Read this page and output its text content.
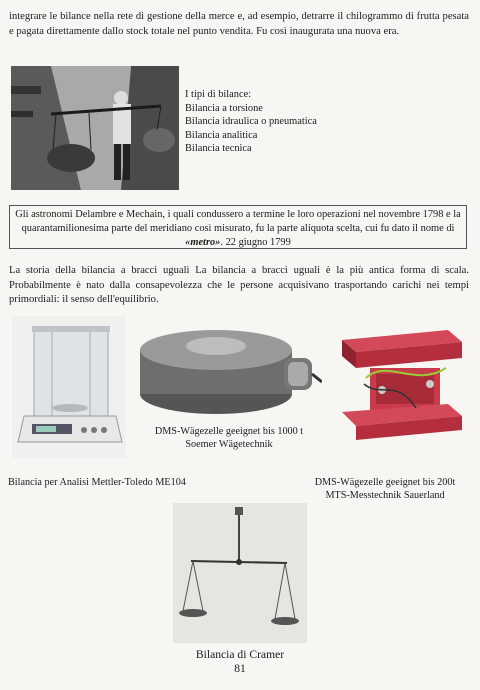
integrare le bilance nella rete di gestione della merce e, ad esempio, detrarre il chilogrammo di frutta pesata e pagata direttamente dallo stock totale nel punto vendita. Fu così inaugurata una nuova era.

I tipi di bilance:
Bilancia a torsione
Bilancia idraulica o pneumatica
Bilancia analitica
Bilancia tecnica
Gli astronomi Delambre e Mechain, i quali condussero a termine le loro operazioni nel novembre 1798 e la quarantamilionesima parte del meridiano così misurato, fu la parte aliquota scelta, cui fu dato il nome di «metro». 22 giugno 1799

La storia della bilancia a bracci uguali La bilancia a bracci uguali è la più antica forma di scala. Probabilmente è nato dalla consapevolezza che le persone acquisivano trasportando carichi nei tempi primordiali: il senso dell'equilibrio.

DMS-Wägezelle geeignet bis 1000 t
Soemer Wägetechnik
Bilancia per Analisi Mettler-Toledo ME104	DMS-Wägezelle geeignet bis 200t
MTS-Messtechnik Sauerland
Bilancia di Cramer
81
